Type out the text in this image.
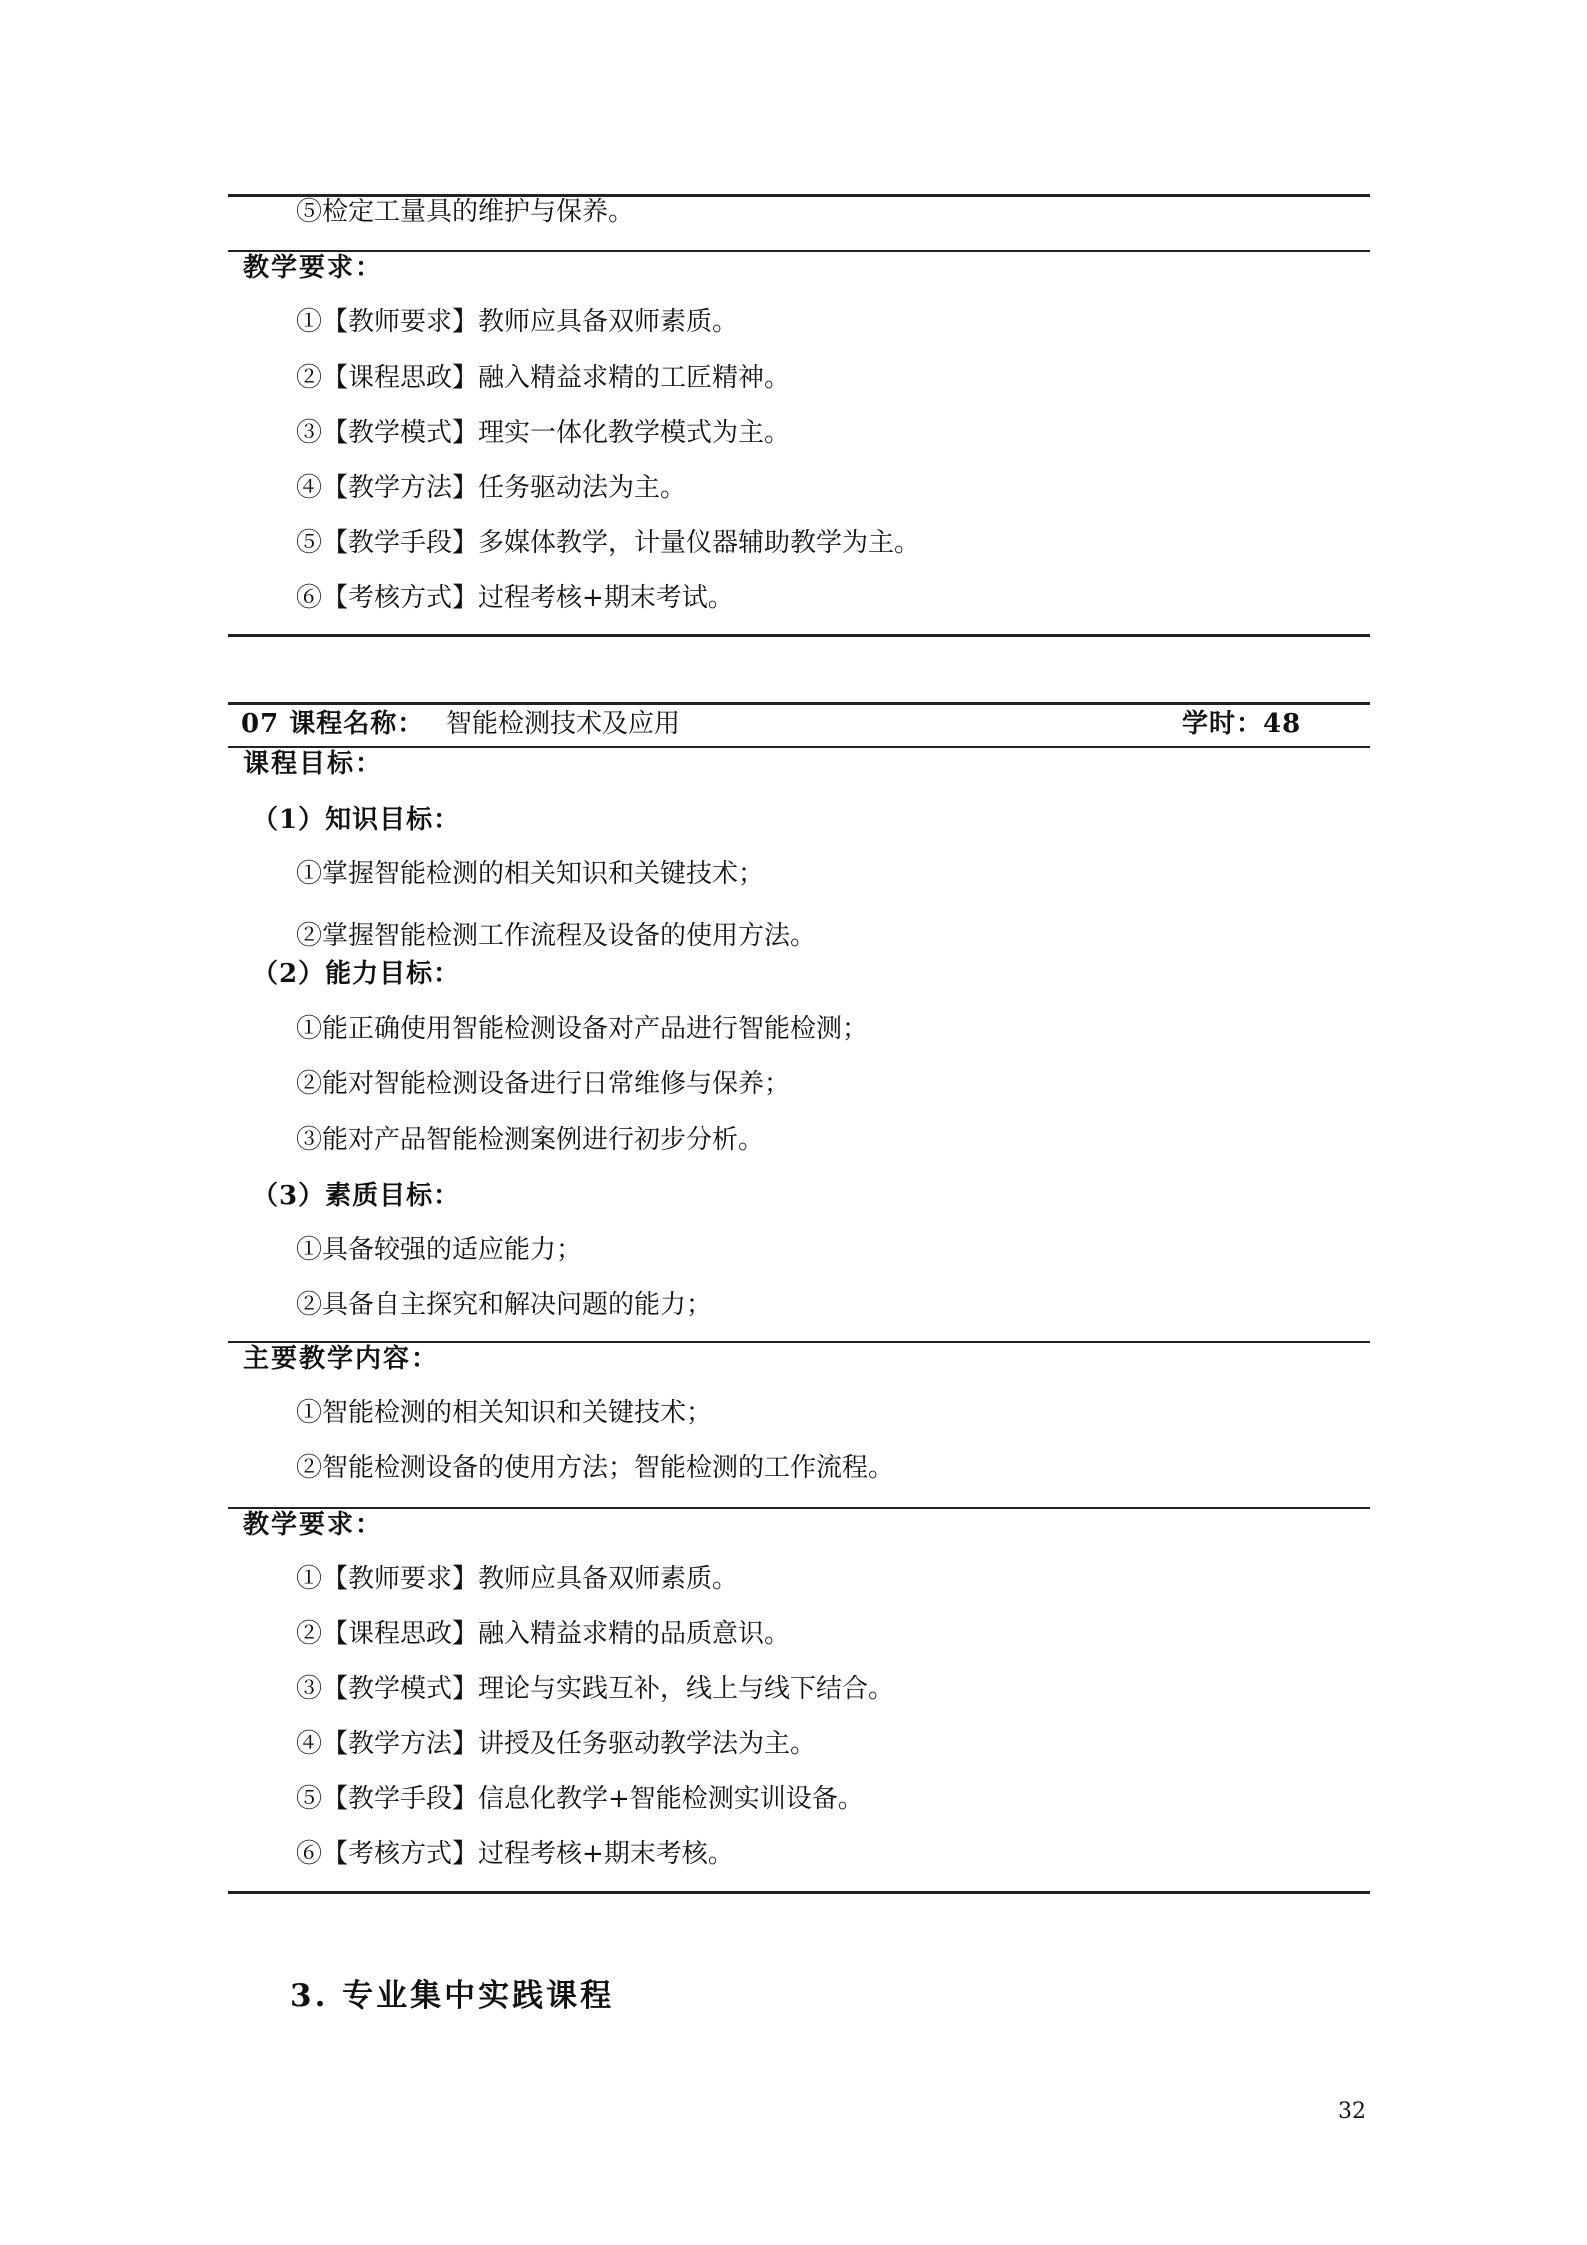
⑤检定工量具的维护与保养。
教学要求：
①【教师要求】教师应具备双师素质。
②【课程思政】融入精益求精的工匠精神。
③【教学模式】理实一体化教学模式为主。
④【教学方法】任务驱动法为主。
⑤【教学手段】多媒体教学，计量仪器辅助教学为主。
⑥【考核方式】过程考核+期末考试。
07 课程名称： 智能检测技术及应用	学时：48
课程目标：
（1）知识目标：
①掌握智能检测的相关知识和关键技术；
②掌握智能检测工作流程及设备的使用方法。
（2）能力目标：
①能正确使用智能检测设备对产品进行智能检测；
②能对智能检测设备进行日常维修与保养；
③能对产品智能检测案例进行初步分析。
（3）素质目标：
①具备较强的适应能力；
②具备自主探究和解决问题的能力；
主要教学内容：
①智能检测的相关知识和关键技术；
②智能检测设备的使用方法；智能检测的工作流程。
教学要求：
①【教师要求】教师应具备双师素质。
②【课程思政】融入精益求精的品质意识。
③【教学模式】理论与实践互补，线上与线下结合。
④【教学方法】讲授及任务驱动教学法为主。
⑤【教学手段】信息化教学+智能检测实训设备。
⑥【考核方式】过程考核+期末考核。
3. 专业集中实践课程
32
